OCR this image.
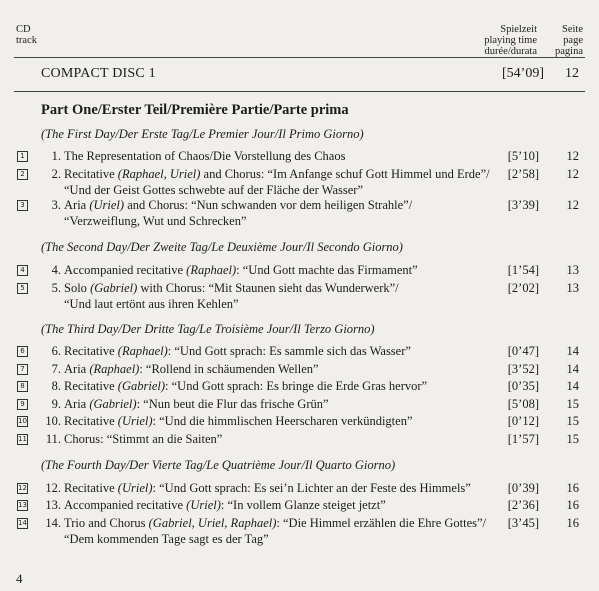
CD
track
Spielzeit
playing time
durée/durata
Seite
page
pagina
COMPACT DISC 1	[54’09] 12
Part One/Erster Teil/Première Partie/Parte prima
(The First Day/Der Erste Tag/Le Premier Jour/Il Primo Giorno)
(The Second Day/Der Zweite Tag/Le Deuxième Jour/Il Secondo Giorno)
(The Third Day/Der Dritte Tag/Le Troisième Jour/Il Terzo Giorno)
(The Fourth Day/Der Vierte Tag/Le Quatrième Jour/Il Quarto Giorno)
1 1. The Representation of Chaos/Die Vorstellung des Chaos	[5’10] 12
2 2. Recitative (Raphael, Uriel) and Chorus: “Im Anfange schuf Gott Himmel und Erde”/
“Und der Geist Gottes schwebte auf der Fläche der Wasser”
[2’58] 12
3 3. Aria (Uriel) and Chorus: “Nun schwanden vor dem heiligen Strahle”/
“Verzweiflung, Wut und Schrecken”
[3’39] 12
4 4. Accompanied recitative (Raphael): “Und Gott machte das Firmament”	[1’54] 13
5 5. Solo (Gabriel) with Chorus: “Mit Staunen sieht das Wunderwerk”/
“Und laut ertönt aus ihren Kehlen”
[2’02] 13
6 6. Recitative (Raphael): “Und Gott sprach: Es sammle sich das Wasser”	[0’47] 14
7 7. Aria (Raphael): “Rollend in schäumenden Wellen”	[3’52] 14
8 8. Recitative (Gabriel): “Und Gott sprach: Es bringe die Erde Gras hervor”	[0’35] 14
9 9. Aria (Gabriel): “Nun beut die Flur das frische Grün”	[5’08] 15
10 10. Recitative (Uriel): “Und die himmlischen Heerscharen verkündigten”	[0’12] 15
11 11. Chorus: “Stimmt an die Saiten”	[1’57] 15
12 12. Recitative (Uriel): “Und Gott sprach: Es sei’n Lichter an der Feste des Himmels”	[0’39] 16
13 13. Accompanied recitative (Uriel): “In vollem Glanze steiget jetzt”	[2’36] 16
14 14. Trio and Chorus (Gabriel, Uriel, Raphael): “Die Himmel erzählen die Ehre Gottes”/
“Dem kommenden Tage sagt es der Tag”
[3’45] 16
4
